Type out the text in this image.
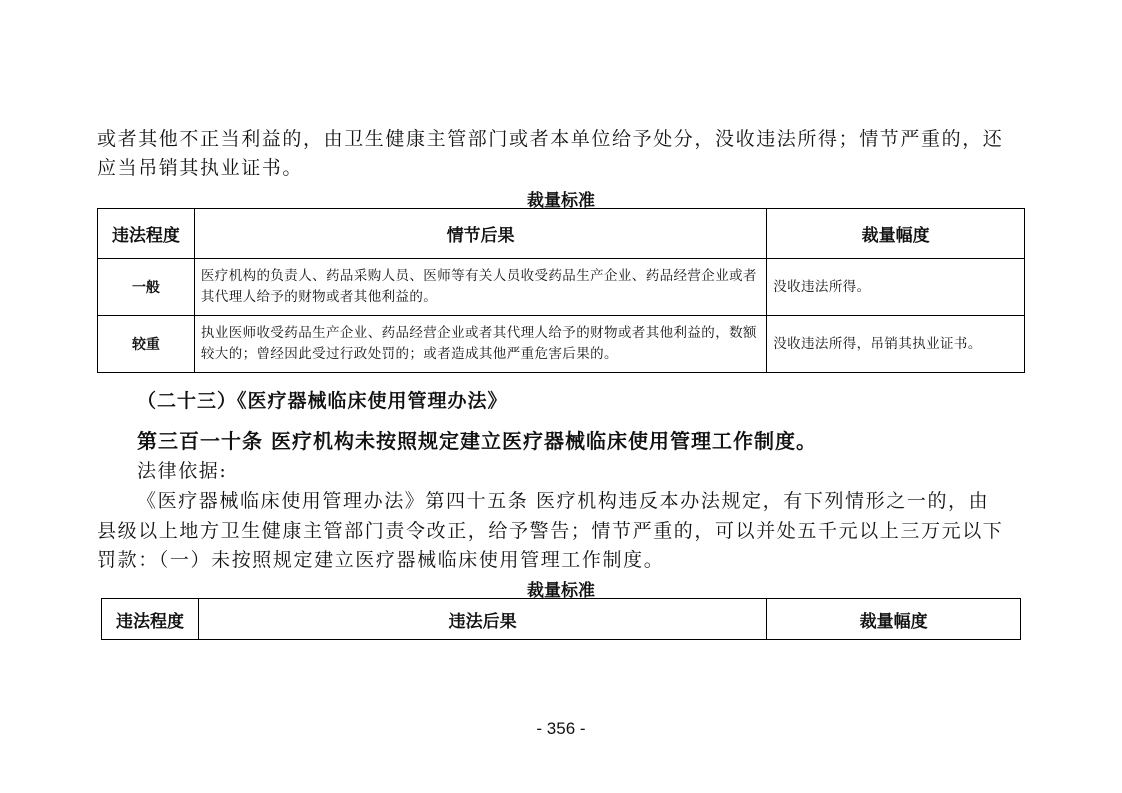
或者其他不正当利益的，由卫生健康主管部门或者本单位给予处分，没收违法所得；情节严重的，还
应当吊销其执业证书。
裁量标准
违法程度	情节后果	裁量幅度
一般	医疗机构的负责人、药品采购人员、医师等有关人员收受药品生产企业、药品经营企业或者其代理人给予的财物或者其他利益的。	没收违法所得。
较重	执业医师收受药品生产企业、药品经营企业或者其代理人给予的财物或者其他利益的，数额较大的；曾经因此受过行政处罚的；或者造成其他严重危害后果的。	没收违法所得，吊销其执业证书。
（二十三）《医疗器械临床使用管理办法》
第三百一十条 医疗机构未按照规定建立医疗器械临床使用管理工作制度。
法律依据:
《医疗器械临床使用管理办法》第四十五条 医疗机构违反本办法规定，有下列情形之一的，由
县级以上地方卫生健康主管部门责令改正，给予警告；情节严重的，可以并处五千元以上三万元以下
罚款：（一）未按照规定建立医疗器械临床使用管理工作制度。
裁量标准
违法程度	违法后果	裁量幅度
- 356 -
